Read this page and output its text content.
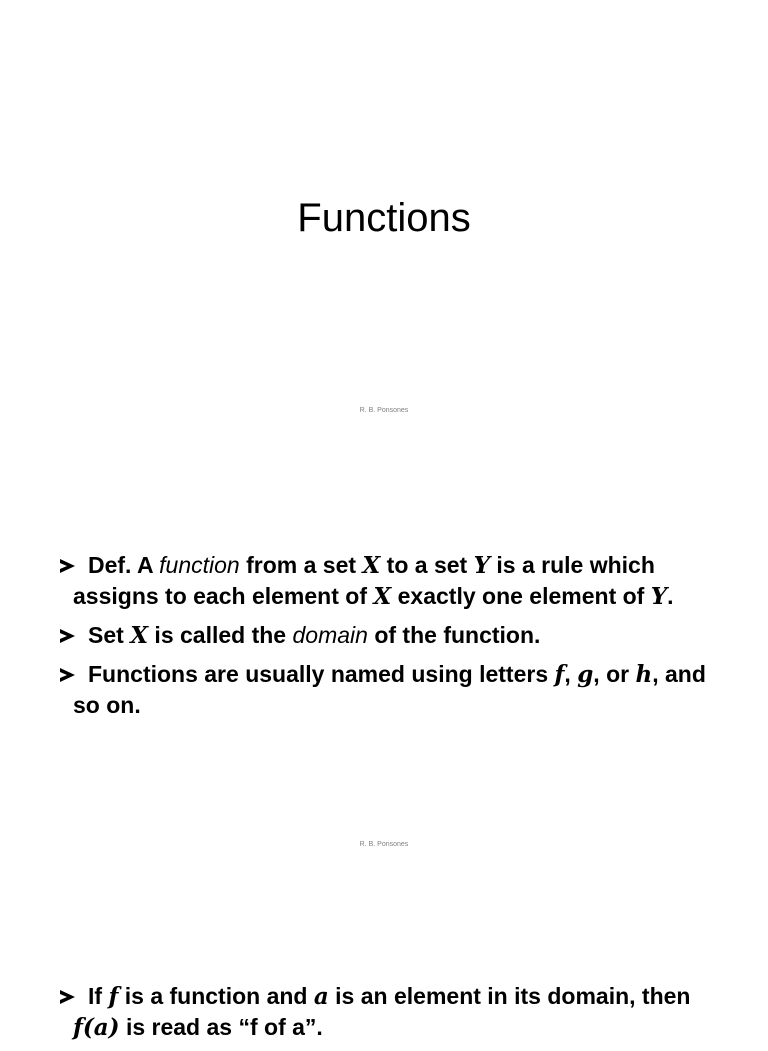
Functions
R. B. Ponsones
Def. A function from a set X to a set Y is a rule which assigns to each element of X exactly one element of Y.
Set X is called the domain of the function.
Functions are usually named using letters f, g, or h, and so on.
R. B. Ponsones
If f is a function and a is an element in its domain, then f(a) is read as “f of a”.
